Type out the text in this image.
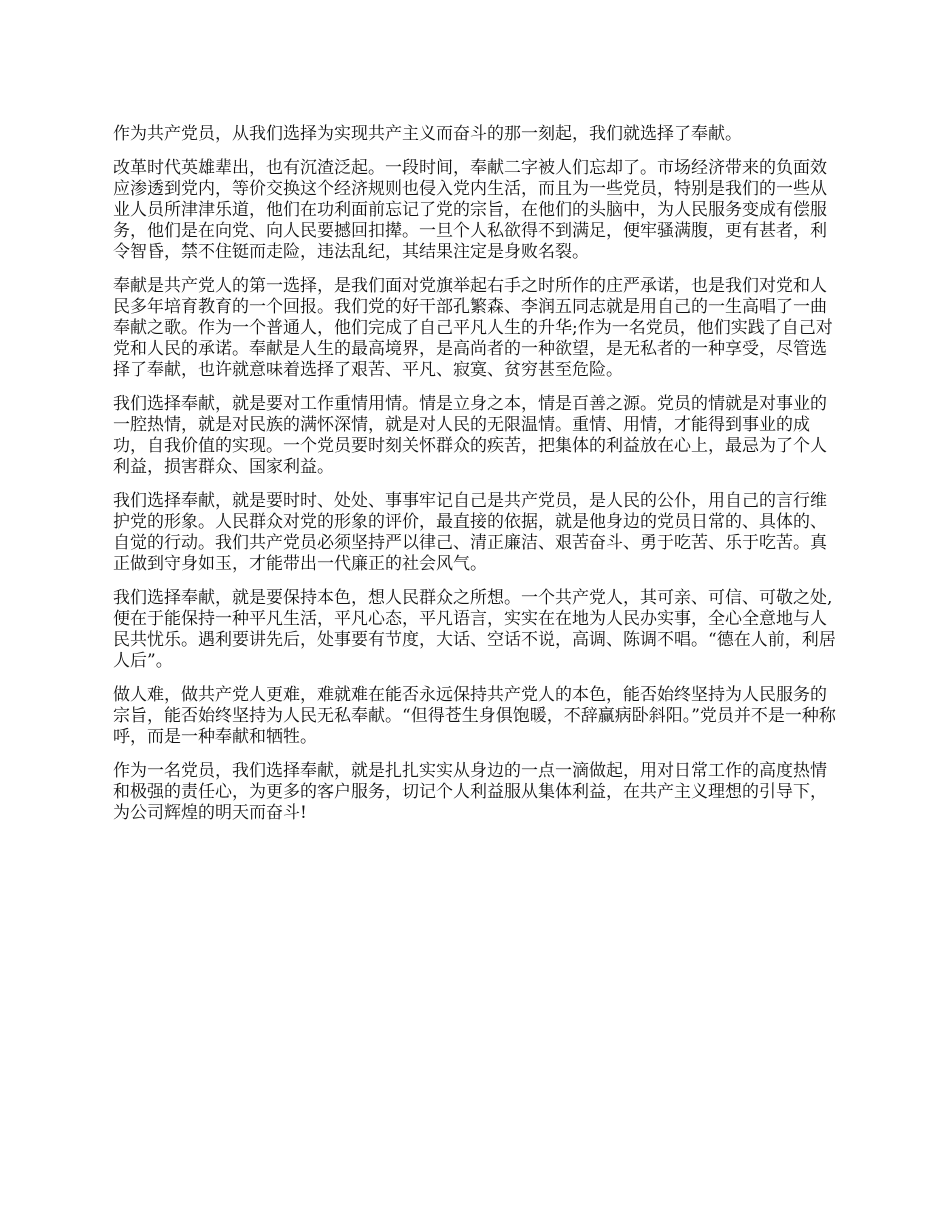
作为共产党员，从我们选择为实现共产主义而奋斗的那一刻起，我们就选择了奉献。

改革时代英雄辈出，也有沉渣泛起。一段时间，奉献二字被人们忘却了。市场经济带来的负面效应渗透到党内，等价交换这个经济规则也侵入党内生活，而且为一些党员，特别是我们的一些从业人员所津津乐道，他们在功利面前忘记了党的宗旨，在他们的头脑中，为人民服务变成有偿服务，他们是在向党、向人民要撼回扣撵。一旦个人私欲得不到满足，便牢骚满腹，更有甚者，利令智昏，禁不住铤而走险，违法乱纪，其结果注定是身败名裂。

奉献是共产党人的第一选择，是我们面对党旗举起右手之时所作的庄严承诺，也是我们对党和人民多年培育教育的一个回报。我们党的好干部孔繁森、李润五同志就是用自己的一生高唱了一曲奉献之歌。作为一个普通人，他们完成了自己平凡人生的升华;作为一名党员，他们实践了自己对党和人民的承诺。奉献是人生的最高境界，是高尚者的一种欲望，是无私者的一种享受，尽管选择了奉献，也许就意味着选择了艰苦、平凡、寂寞、贫穷甚至危险。

我们选择奉献，就是要对工作重情用情。情是立身之本，情是百善之源。党员的情就是对事业的一腔热情，就是对民族的满怀深情，就是对人民的无限温情。重情、用情，才能得到事业的成功，自我价值的实现。一个党员要时刻关怀群众的疾苦，把集体的利益放在心上，最忌为了个人利益，损害群众、国家利益。

我们选择奉献，就是要时时、处处、事事牢记自己是共产党员，是人民的公仆，用自己的言行维护党的形象。人民群众对党的形象的评价，最直接的依据，就是他身边的党员日常的、具体的、自觉的行动。我们共产党员必须坚持严以律己、清正廉洁、艰苦奋斗、勇于吃苦、乐于吃苦。真正做到守身如玉，才能带出一代廉正的社会风气。

我们选择奉献，就是要保持本色，想人民群众之所想。一个共产党人，其可亲、可信、可敬之处,便在于能保持一种平凡生活，平凡心态，平凡语言，实实在在地为人民办实事，全心全意地与人民共忧乐。遇利要讲先后，处事要有节度，大话、空话不说，高调、陈调不唱。“德在人前，利居人后”。

做人难，做共产党人更难，难就难在能否永远保持共产党人的本色，能否始终坚持为人民服务的宗旨，能否始终坚持为人民无私奉献。“但得苍生身俱饱暖，不辞赢病卧斜阳。”党员并不是一种称呼，而是一种奉献和牺牲。

作为一名党员，我们选择奉献，就是扎扎实实从身边的一点一滴做起，用对日常工作的高度热情和极强的责任心，为更多的客户服务，切记个人利益服从集体利益，在共产主义理想的引导下，为公司辉煌的明天而奋斗!
